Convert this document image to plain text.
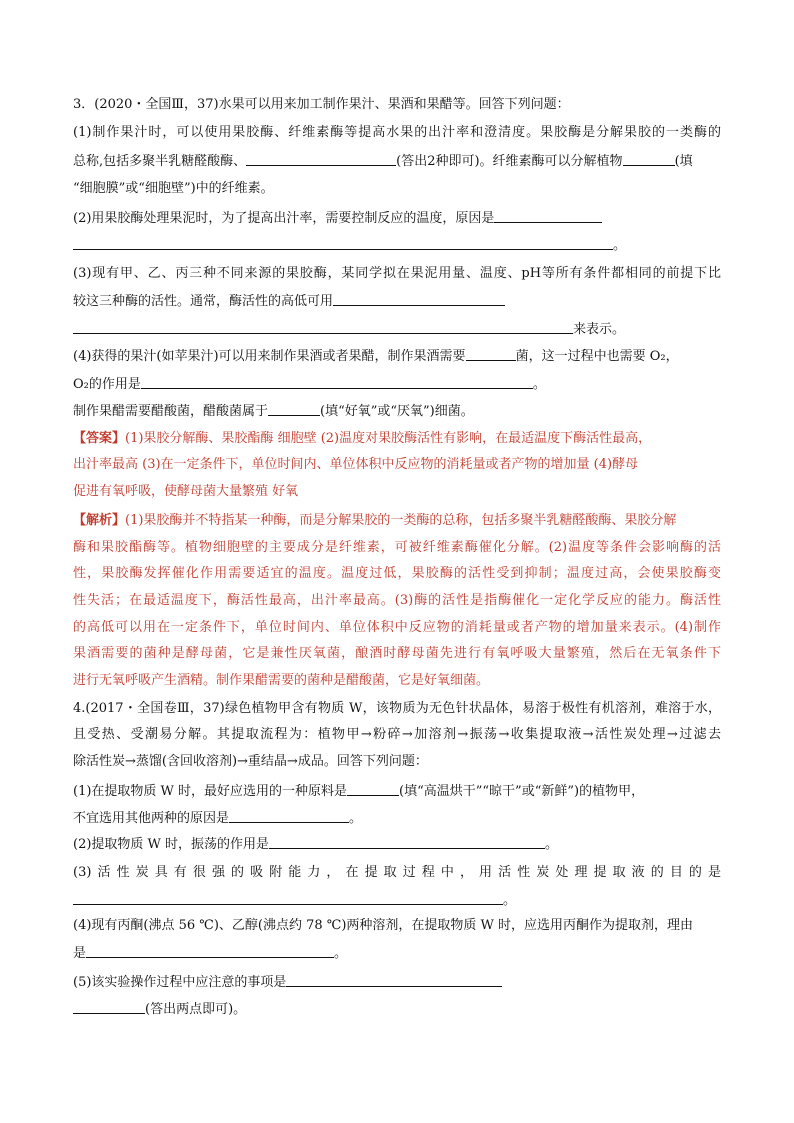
3．(2020・全国Ⅲ，37)水果可以用来加工制作果汁、果酒和果醋等。回答下列问题：
(1)制作果汁时，可以使用果胶酶、纤维素酶等提高水果的出汁率和澄清度。果胶酶是分解果胶的一类酶的
总称,包括多聚半乳糖醛酸酶、	(答出2种即可)。纤维素酶可以分解植物	(填
“细胞膜”或“细胞壁”)中的纤维素。
(2)用果胶酶处理果泥时，为了提高出汁率，需要控制反应的温度，原因是
。
(3)现有甲、乙、丙三种不同来源的果胶酶，某同学拟在果泥用量、温度、pH等所有条件都相同的前提下比
较这三种酶的活性。通常，酶活性的高低可用
来表示。
(4)获得的果汁(如苹果汁)可以用来制作果酒或者果醋，制作果酒需要	菌，这一过程中也需要 O₂，
O₂的作用是	。
制作果醋需要醋酸菌，醋酸菌属于	(填“好氧”或“厌氧”)细菌。
【答案】(1)果胶分解酶、果胶酯酶 细胞壁 (2)温度对果胶酶活性有影响，在最适温度下酶活性最高，
出汁率最高 (3)在一定条件下，单位时间内、单位体积中反应物的消耗量或者产物的增加量 (4)酵母
促进有氧呼吸，使酵母菌大量繁殖 好氧
【解析】(1)果胶酶并不特指某一种酶，而是分解果胶的一类酶的总称，包括多聚半乳糖醛酸酶、果胶分解
酶和果胶酯酶等。植物细胞壁的主要成分是纤维素，可被纤维素酶催化分解。(2)温度等条件会影响酶的活
性，果胶酶发挥催化作用需要适宜的温度。温度过低，果胶酶的活性受到抑制；温度过高，会使果胶酶变
性失活；在最适温度下，酶活性最高，出汁率最高。(3)酶的活性是指酶催化一定化学反应的能力。酶活性
的高低可以用在一定条件下，单位时间内、单位体积中反应物的消耗量或者产物的增加量来表示。(4)制作
果酒需要的菌种是酵母菌，它是兼性厌氧菌，酿酒时酵母菌先进行有氧呼吸大量繁殖，然后在无氧条件下
进行无氧呼吸产生酒精。制作果醋需要的菌种是醋酸菌，它是好氧细菌。
4.(2017・全国卷Ⅲ，37)绿色植物甲含有物质 W，该物质为无色针状晶体，易溶于极性有机溶剂，难溶于水，
且受热、受潮易分解。其提取流程为：植物甲→粉碎→加溶剂→振荡→收集提取液→活性炭处理→过滤去
除活性炭→蒸馏(含回收溶剂)→重结晶→成品。回答下列问题：
(1)在提取物质 W 时，最好应选用的一种原料是	(填“高温烘干”“晾干”或“新鲜”)的植物甲，
不宜选用其他两种的原因是	。
(2)提取物质 W 时，振荡的作用是	。
(3)活性炭具有很强的吸附能力，在提取过程中，用活性炭处理提取液的目的是
。
(4)现有丙酮(沸点 56 ℃)、乙醇(沸点约 78 ℃)两种溶剂，在提取物质 W 时，应选用丙酮作为提取剂，理由
是	。
(5)该实验操作过程中应注意的事项是
(答出两点即可)。
